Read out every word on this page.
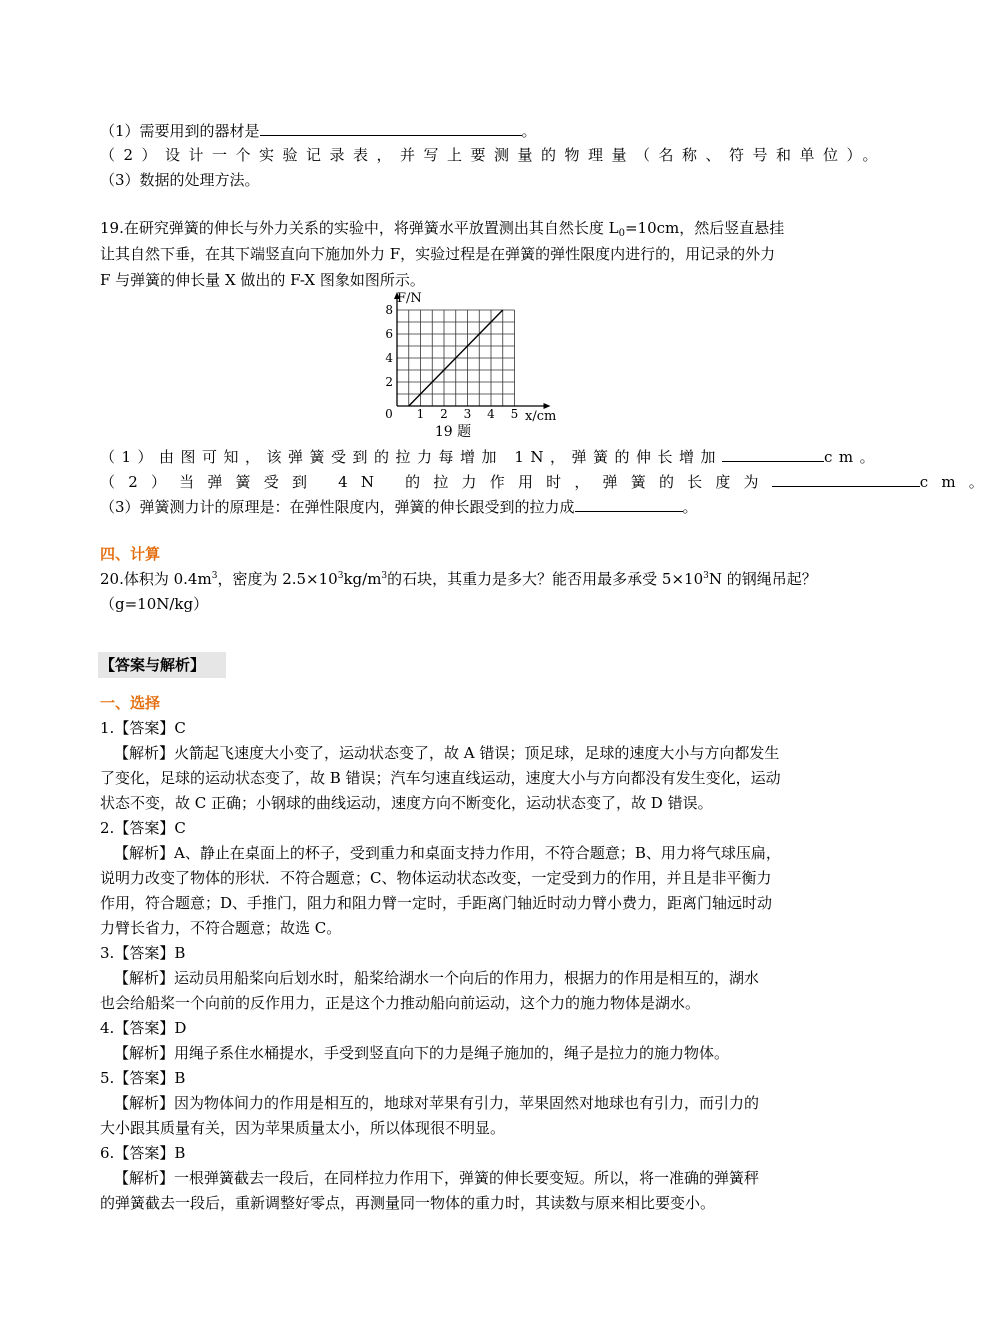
（1）需要用到的器材是	。
（2）设计一个实验记录表，并写上要测量的物理量（名称、符号和单位）。
（3）数据的处理方法。
19.在研究弹簧的伸长与外力关系的实验中，将弹簧水平放置测出其自然长度 $L_0=10cm$，然后竖直悬挂
让其自然下垂，在其下端竖直向下施加外力 F，实验过程是在弹簧的弹性限度内进行的，用记录的外力
F 与弹簧的伸长量 X 做出的 F-X 图象如图所示。
0 1 2 3 4 5
2
4
6
8
F/N
x/cm
19 题
（1）由图可知，该弹簧受到的拉力每增加 1N，弹簧的伸长增加	cm。
（2）当弹簧受到 4N 的拉力作用时，弹簧的长度为	cm。
（3）弹簧测力计的原理是：在弹性限度内，弹簧的伸长跟受到的拉力成	。
四、计算
20.体积为 $0.4m^3$，密度为 $2.5\times 10^3kg/m^3$的石块，其重力是多大？能否用最多承受 $5\times 10^3N$ 的钢绳吊起？
（g=10N/kg）
【答案与解析】
一、选择
1.【答案】C
【解析】火箭起飞速度大小变了，运动状态变了，故 A 错误；顶足球，足球的速度大小与方向都发生
了变化，足球的运动状态变了，故 B 错误；汽车匀速直线运动，速度大小与方向都没有发生变化，运动
状态不变，故 C 正确；小钢球的曲线运动，速度方向不断变化，运动状态变了，故 D 错误。
2.【答案】C
【解析】A、静止在桌面上的杯子，受到重力和桌面支持力作用，不符合题意；B、用力将气球压扁，
说明力改变了物体的形状．不符合题意；C、物体运动状态改变，一定受到力的作用，并且是非平衡力
作用，符合题意；D、手推门，阻力和阻力臂一定时，手距离门轴近时动力臂小费力，距离门轴远时动
力臂长省力，不符合题意；故选 C。
3.【答案】B
【解析】运动员用船桨向后划水时，船桨给湖水一个向后的作用力，根据力的作用是相互的，湖水
也会给船桨一个向前的反作用力，正是这个力推动船向前运动，这个力的施力物体是湖水。
4.【答案】D
【解析】用绳子系住水桶提水，手受到竖直向下的力是绳子施加的，绳子是拉力的施力物体。
5.【答案】B
【解析】因为物体间力的作用是相互的，地球对苹果有引力，苹果固然对地球也有引力，而引力的
大小跟其质量有关，因为苹果质量太小，所以体现很不明显。
6.【答案】B
【解析】一根弹簧截去一段后，在同样拉力作用下，弹簧的伸长要变短。所以，将一准确的弹簧秤
的弹簧截去一段后，重新调整好零点，再测量同一物体的重力时，其读数与原来相比要变小。
